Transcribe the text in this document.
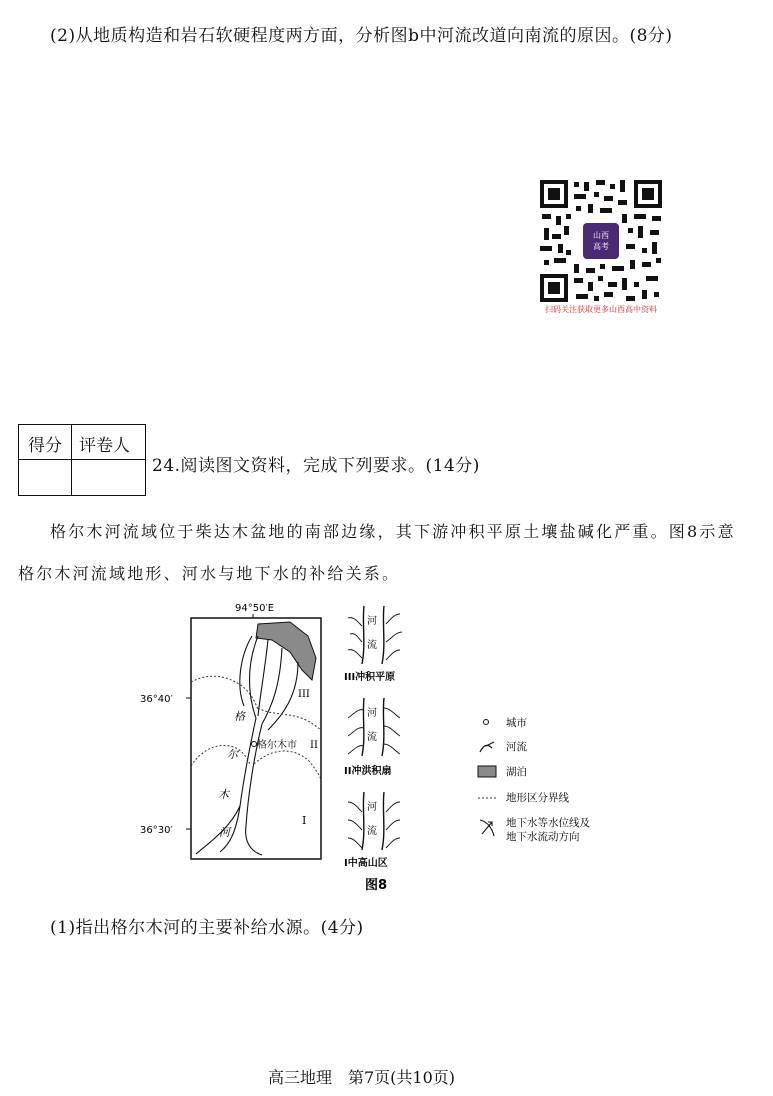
(2)从地质构造和岩石软硬程度两方面，分析图b中河流改道向南流的原因。(8分)
山西
高考
扫码关注获取更多山西高中资料
得分 评卷人
24.阅读图文资料，完成下列要求。(14分)
格尔木河流域位于柴达木盆地的南部边缘，其下游冲积平原土壤盐碱化严重。图8示意
格尔木河流域地形、河水与地下水的补给关系。
94°50′E
36°40′
36°30′
格
尔
木
河
格尔木市
III
II
I
河
流
III冲积平原
河
流
II冲洪积扇
河
流
I中高山区
城市
河流
湖泊
地形区分界线
地下水等水位线及
地下水流动方向
图8
(1)指出格尔木河的主要补给水源。(4分)
高三地理　第7页(共10页)
